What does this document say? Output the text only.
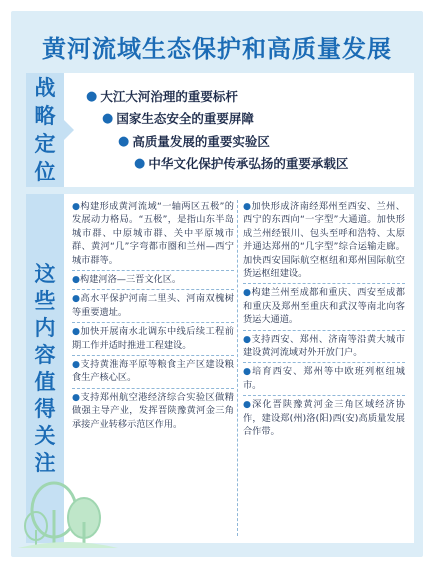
黄河流域生态保护和高质量发展
战
略
定
位
● 大江大河治理的重要标杆
● 国家生态安全的重要屏障
● 高质量发展的重要实验区
● 中华文化保护传承弘扬的重要承载区
这
些
内
容
值
得
关
注
●构建形成黄河流域“一轴两区五极”的发展动力格局。“五极”，是指山东半岛城市群、中原城市群、关中平原城市群、黄河“几”字弯都市圈和兰州—西宁城市群等。
●构建河洛—三晋文化区。
●高水平保护河南二里头、河南双槐树等重要遗址。
●加快开展南水北调东中线后续工程前期工作并适时推进工程建设。
●支持黄淮海平原等粮食主产区建设粮食生产核心区。
●支持郑州航空港经济综合实验区做精做强主导产业，发挥晋陕豫黄河金三角承接产业转移示范区作用。
●加快形成济南经郑州至西安、兰州、西宁的东西向“一字型”大通道。加快形成兰州经银川、包头至呼和浩特、太原并通达郑州的“几字型”综合运输走廊。加快西安国际航空枢纽和郑州国际航空货运枢纽建设。
●构建兰州至成都和重庆、西安至成都和重庆及郑州至重庆和武汉等南北向客货运大通道。
●支持西安、郑州、济南等沿黄大城市建设黄河流域对外开放门户。
●培育西安、郑州等中欧班列枢纽城市。
●深化晋陕豫黄河金三角区域经济协作，建设郑(州)洛(阳)西(安)高质量发展合作带。
